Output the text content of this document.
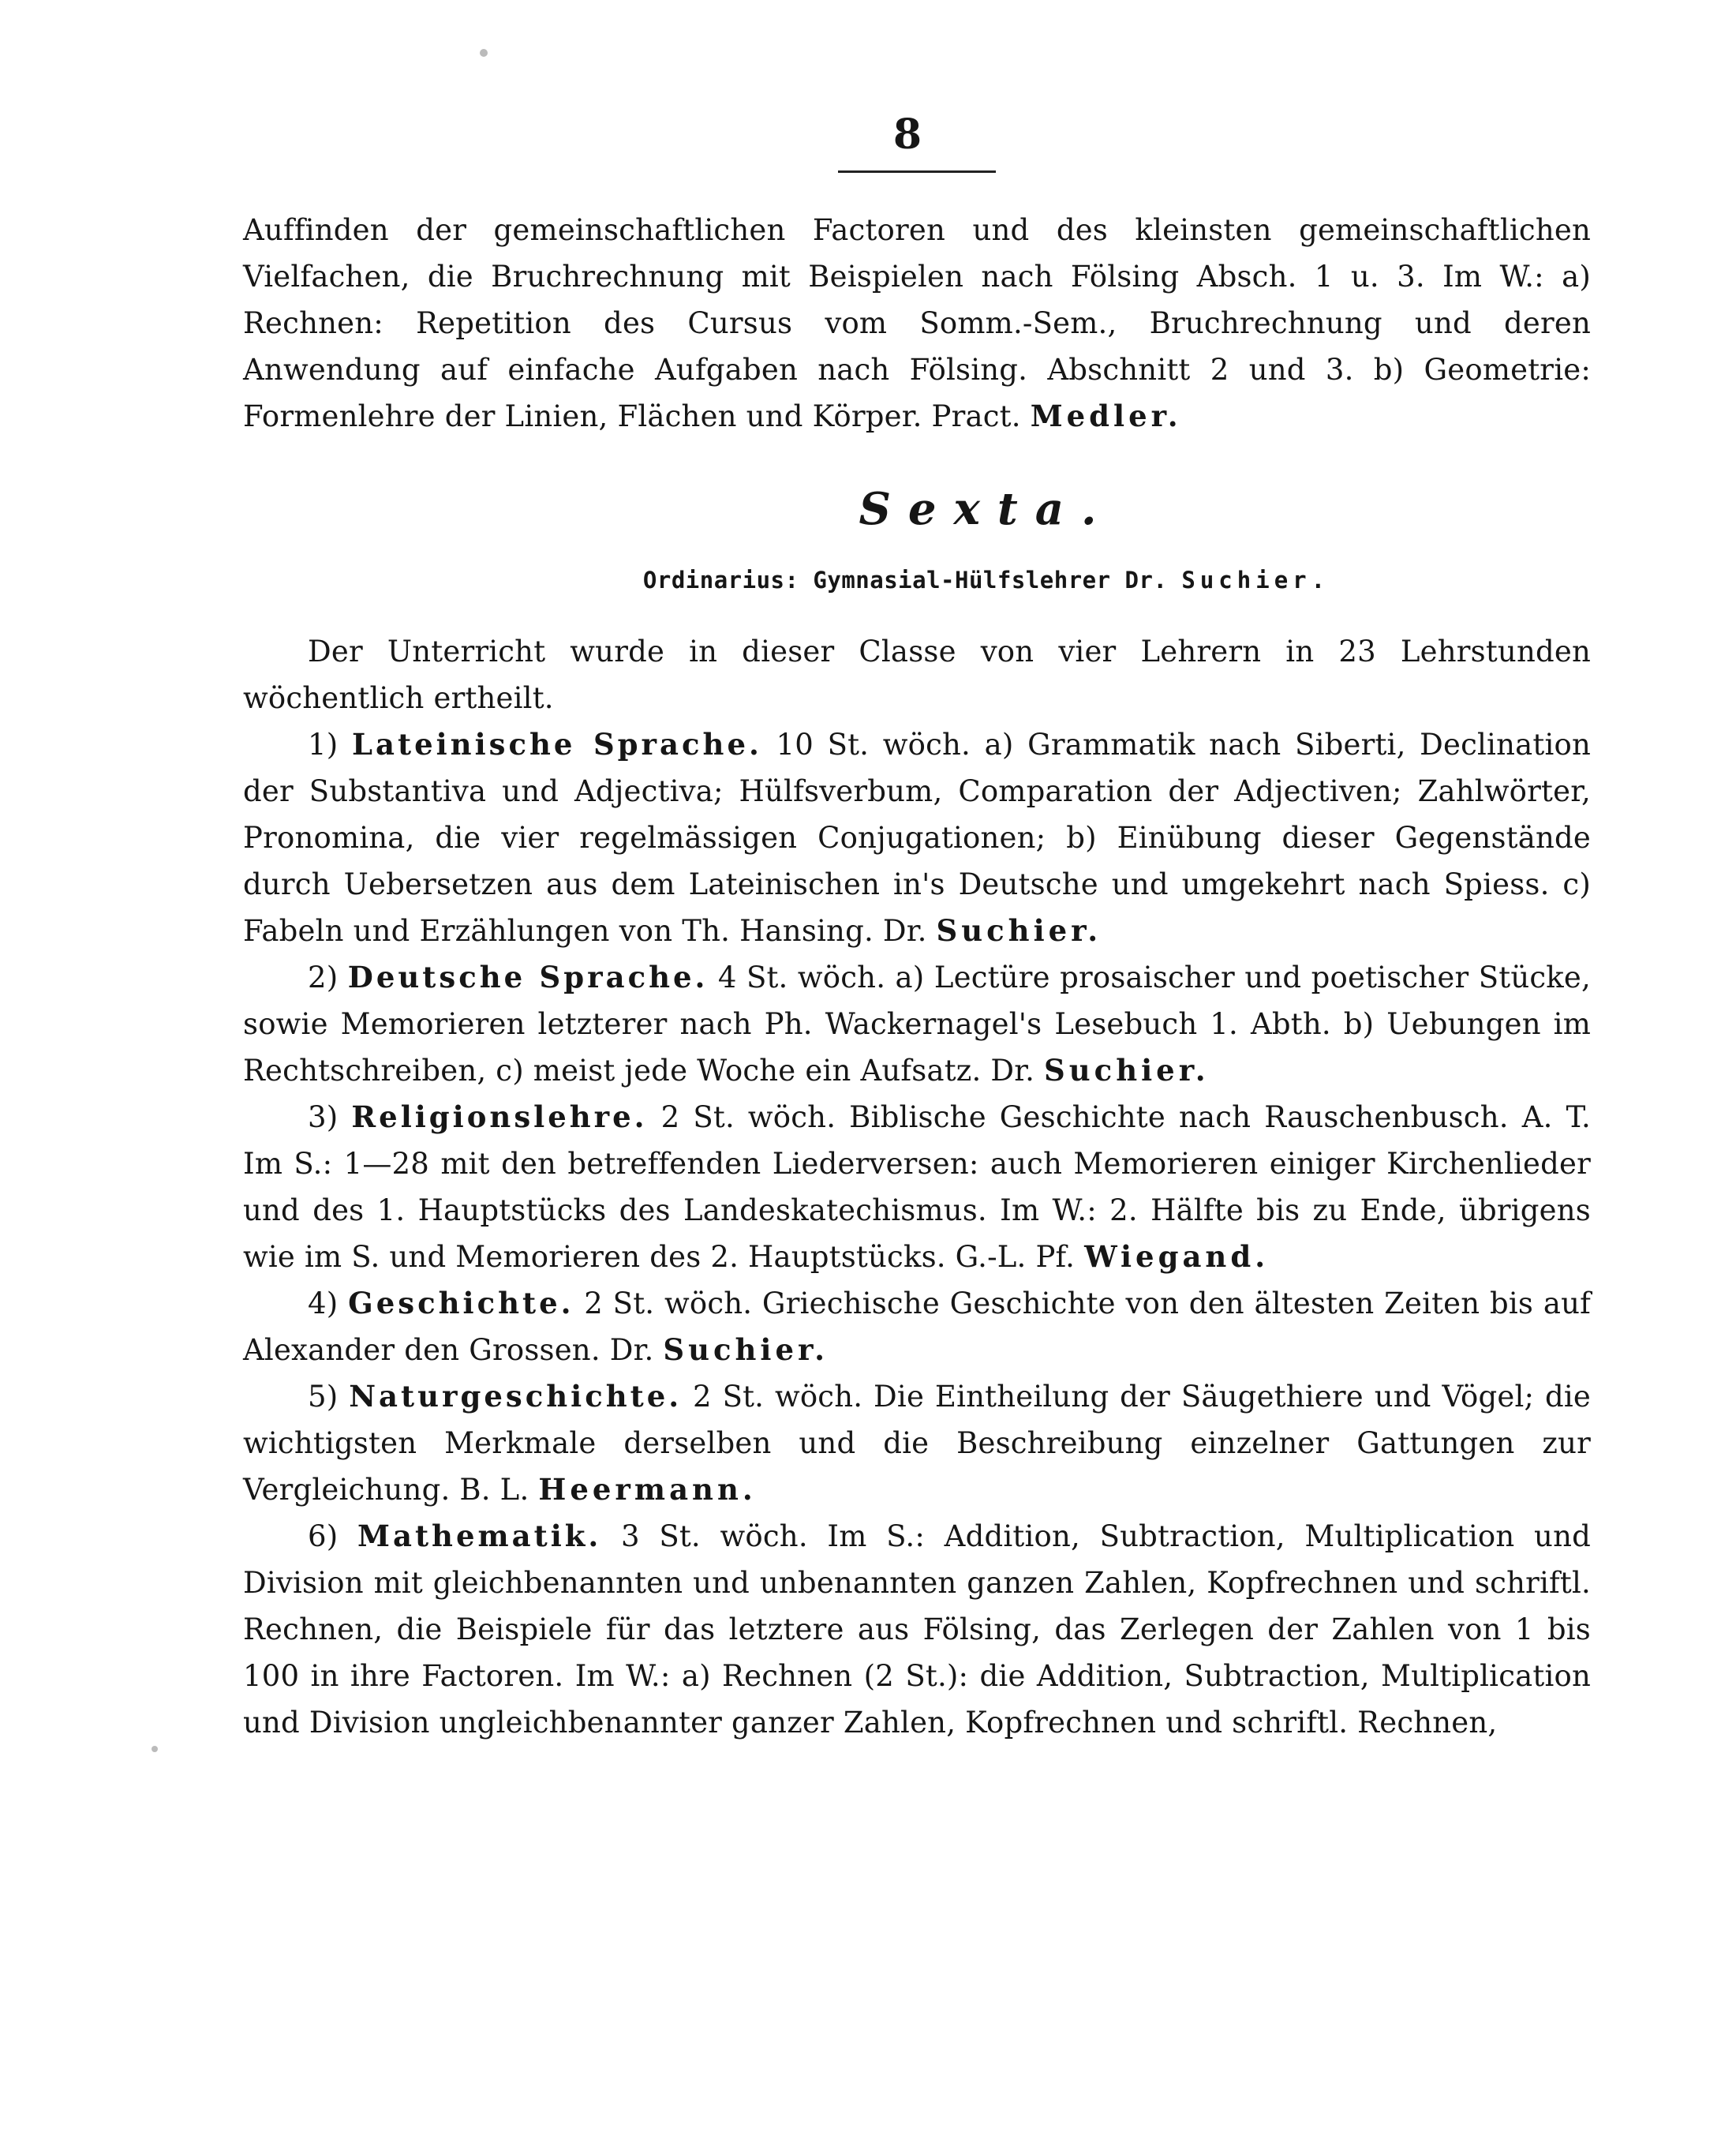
8

Auffinden der gemeinschaftlichen Factoren und des kleinsten gemeinschaftlichen Vielfachen, die Bruchrechnung mit Beispielen nach Fölsing Absch. 1 u. 3. Im W.: a) Rechnen: Repetition des Cursus vom Somm.-Sem., Bruchrechnung und deren Anwendung auf einfache Aufgaben nach Fölsing. Abschnitt 2 und 3. b) Geometrie: Formenlehre der Linien, Flächen und Körper. Pract. Medler.

Sexta.
Ordinarius: Gymnasial-Hülfslehrer Dr. Suchier.

Der Unterricht wurde in dieser Classe von vier Lehrern in 23 Lehrstunden wöchentlich ertheilt.

1) Lateinische Sprache. 10 St. wöch. a) Grammatik nach Siberti, Declination der Substantiva und Adjectiva; Hülfsverbum, Comparation der Adjectiven; Zahlwörter, Pronomina, die vier regelmässigen Conjugationen; b) Einübung dieser Gegenstände durch Uebersetzen aus dem Lateinischen in's Deutsche und umgekehrt nach Spiess. c) Fabeln und Erzählungen von Th. Hansing. Dr. Suchier.

2) Deutsche Sprache. 4 St. wöch. a) Lectüre prosaischer und poetischer Stücke, sowie Memorieren letzterer nach Ph. Wackernagel's Lesebuch 1. Abth. b) Uebungen im Rechtschreiben, c) meist jede Woche ein Aufsatz. Dr. Suchier.

3) Religionslehre. 2 St. wöch. Biblische Geschichte nach Rauschenbusch. A. T. Im S.: 1—28 mit den betreffenden Liederversen: auch Memorieren einiger Kirchenlieder und des 1. Hauptstücks des Landeskatechismus. Im W.: 2. Hälfte bis zu Ende, übrigens wie im S. und Memorieren des 2. Hauptstücks. G.-L. Pf. Wiegand.

4) Geschichte. 2 St. wöch. Griechische Geschichte von den ältesten Zeiten bis auf Alexander den Grossen. Dr. Suchier.

5) Naturgeschichte. 2 St. wöch. Die Eintheilung der Säugethiere und Vögel; die wichtigsten Merkmale derselben und die Beschreibung einzelner Gattungen zur Vergleichung. B. L. Heermann.

6) Mathematik. 3 St. wöch. Im S.: Addition, Subtraction, Multiplication und Division mit gleichbenannten und unbenannten ganzen Zahlen, Kopfrechnen und schriftl. Rechnen, die Beispiele für das letztere aus Fölsing, das Zerlegen der Zahlen von 1 bis 100 in ihre Factoren. Im W.: a) Rechnen (2 St.): die Addition, Subtraction, Multiplication und Division ungleichbenannter ganzer Zahlen, Kopfrechnen und schriftl. Rechnen,
